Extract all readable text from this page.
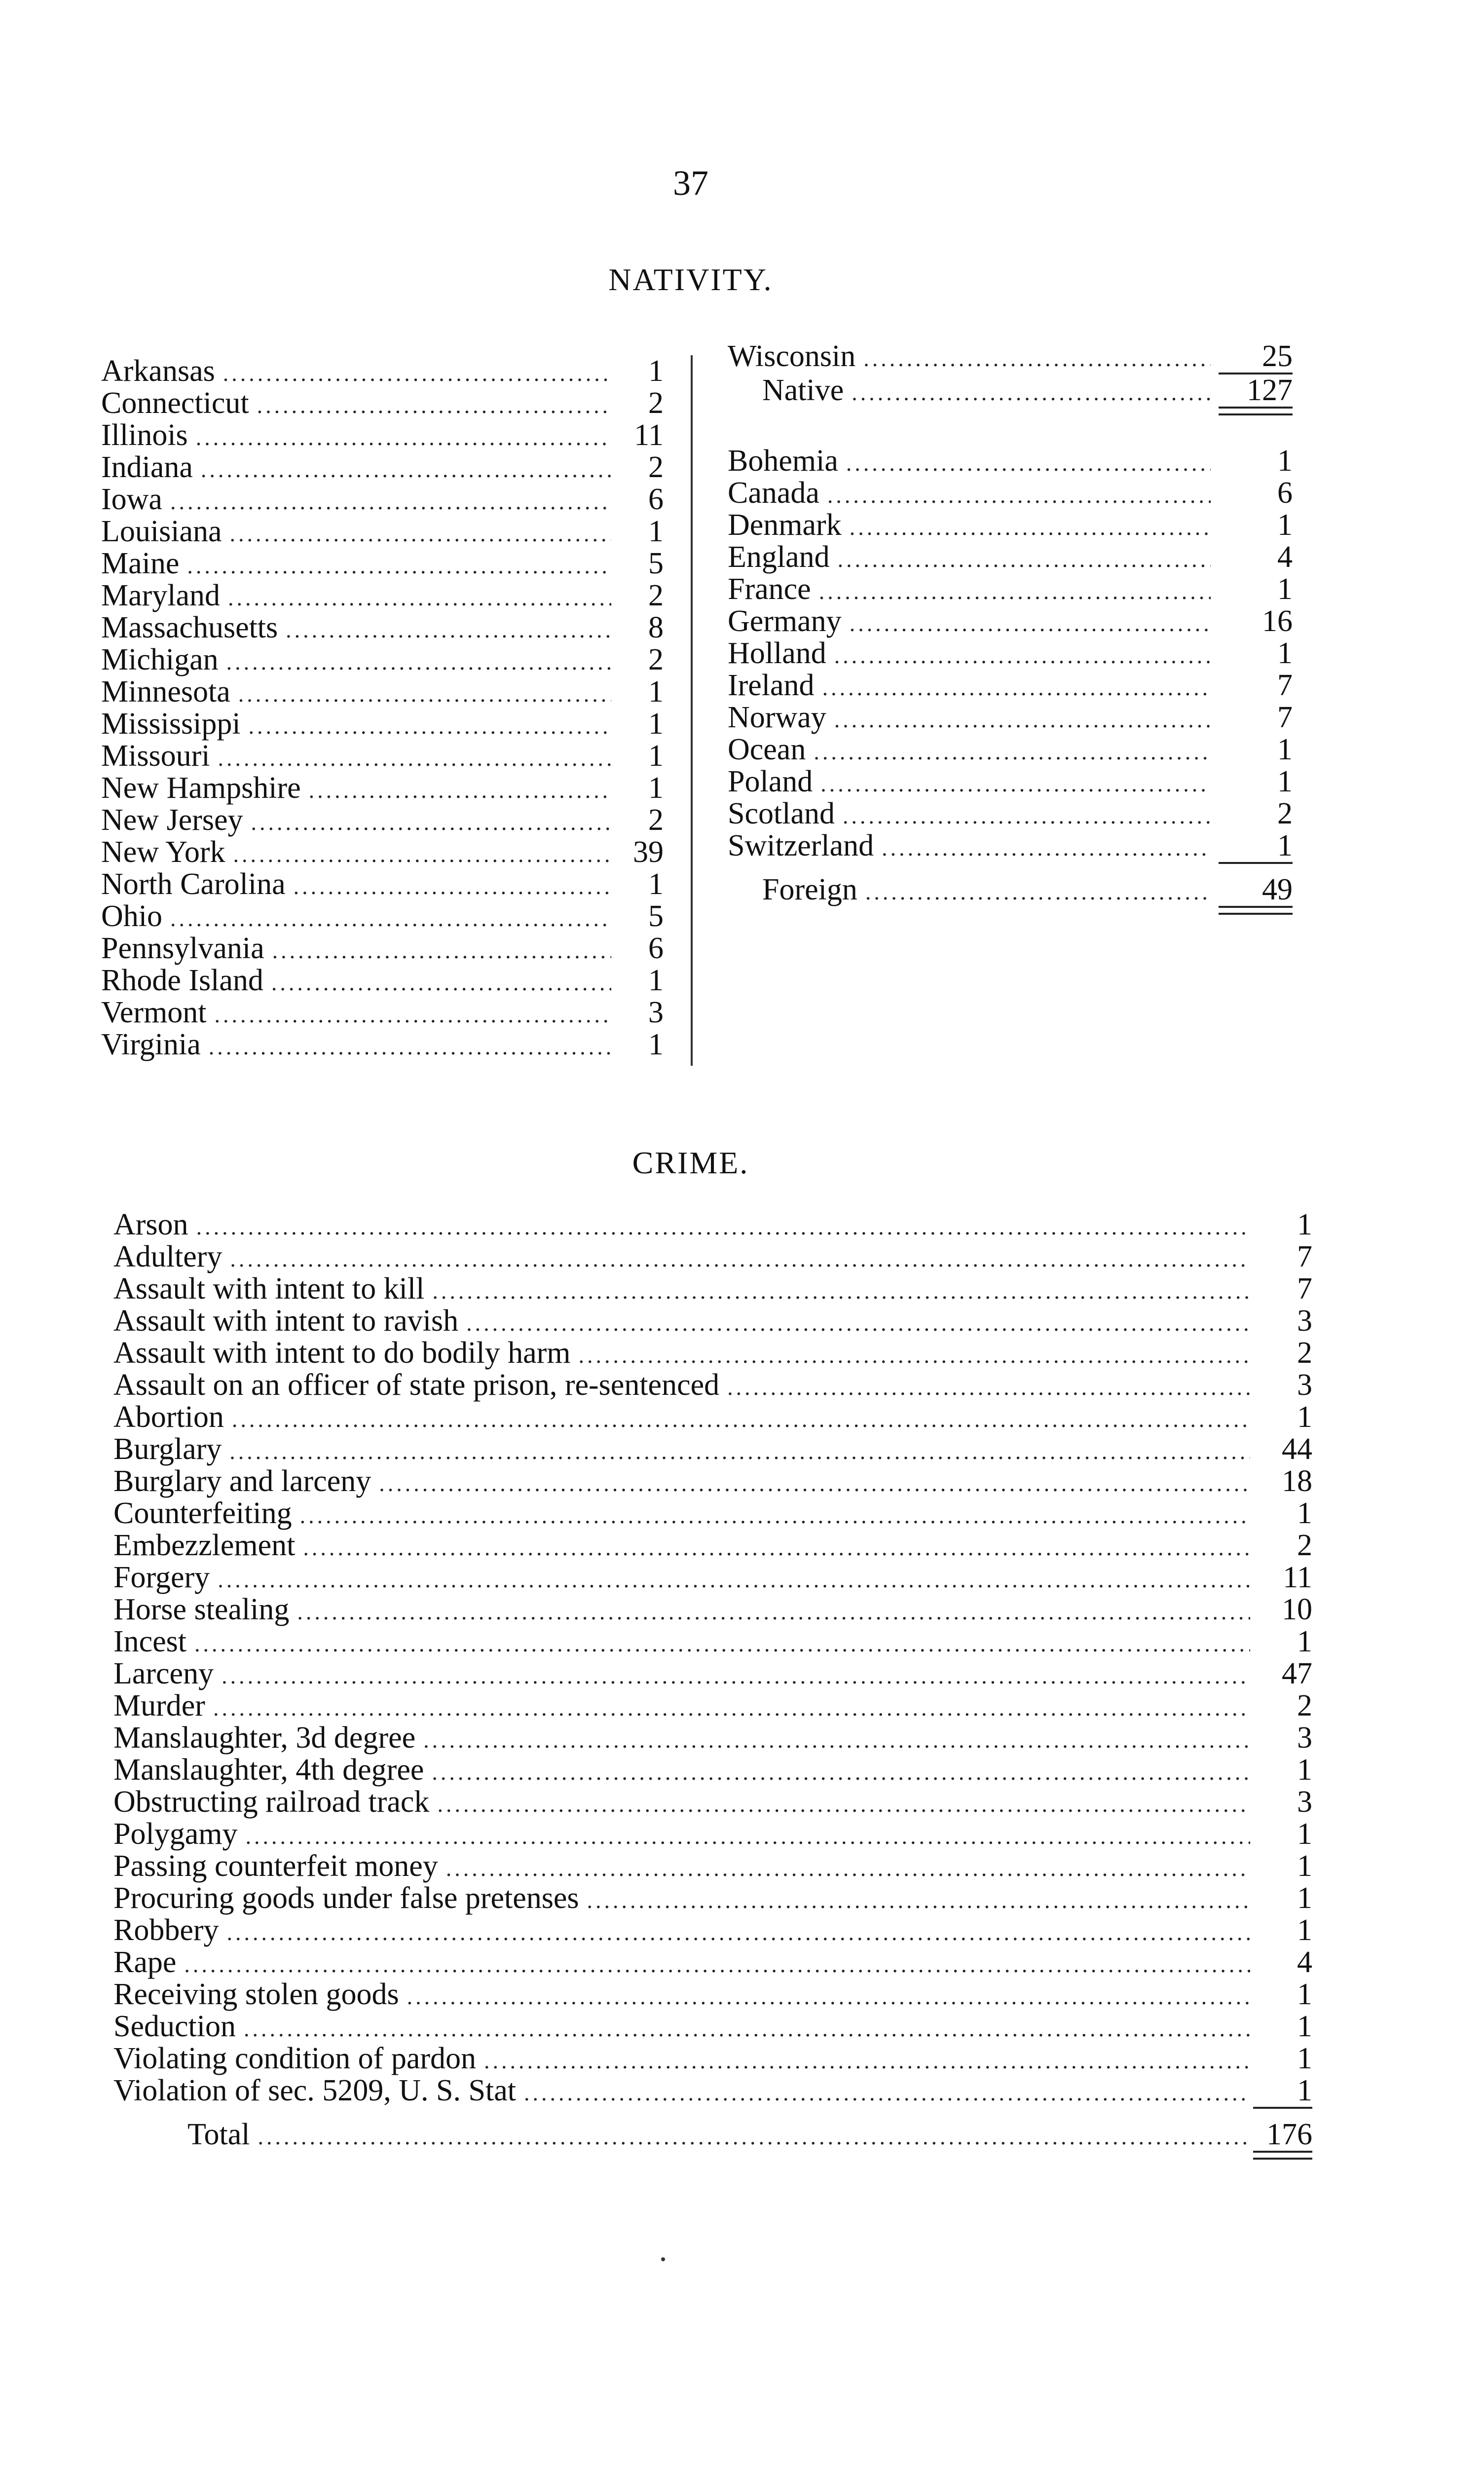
37
NATIVITY.
Arkansas .....	1
Connecticut .....	2
Illinois .....	11
Indiana .....	2
Iowa .....	6
Louisiana .....	1
Maine .....	5
Maryland .....	2
Massachusetts .....	8
Michigan .....	2
Minnesota .....	1
Mississippi .....	1
Missouri .....	1
New Hampshire .....	1
New Jersey .....	2
New York .....	39
North Carolina .....	1
Ohio .....	5
Pennsylvania .....	6
Rhode Island .....	1
Vermont .....	3
Virginia .....	1
Wisconsin .....	25
Native .....	127
Bohemia .....	1
Canada .....	6
Denmark .....	1
England .....	4
France .....	1
Germany .....	16
Holland .....	1
Ireland .....	7
Norway .....	7
Ocean .....	1
Poland .....	1
Scotland .....	2
Switzerland .....	1
Foreign .....	49
CRIME.
Arson .....	1
Adultery .....	7
Assault with intent to kill .....	7
Assault with intent to ravish .....	3
Assault with intent to do bodily harm .....	2
Assault on an officer of state prison, re-sentenced .....	3
Abortion .....	1
Burglary .....	44
Burglary and larceny .....	18
Counterfeiting .....	1
Embezzlement .....	2
Forgery .....	11
Horse stealing .....	10
Incest .....	1
Larceny .....	47
Murder .....	2
Manslaughter, 3d degree .....	3
Manslaughter, 4th degree .....	1
Obstructing railroad track .....	3
Polygamy .....	1
Passing counterfeit money .....	1
Procuring goods under false pretenses .....	1
Robbery .....	1
Rape .....	4
Receiving stolen goods .....	1
Seduction .....	1
Violating condition of pardon .....	1
Violation of sec. 5209, U. S. Stat .....	1
Total .....	176
